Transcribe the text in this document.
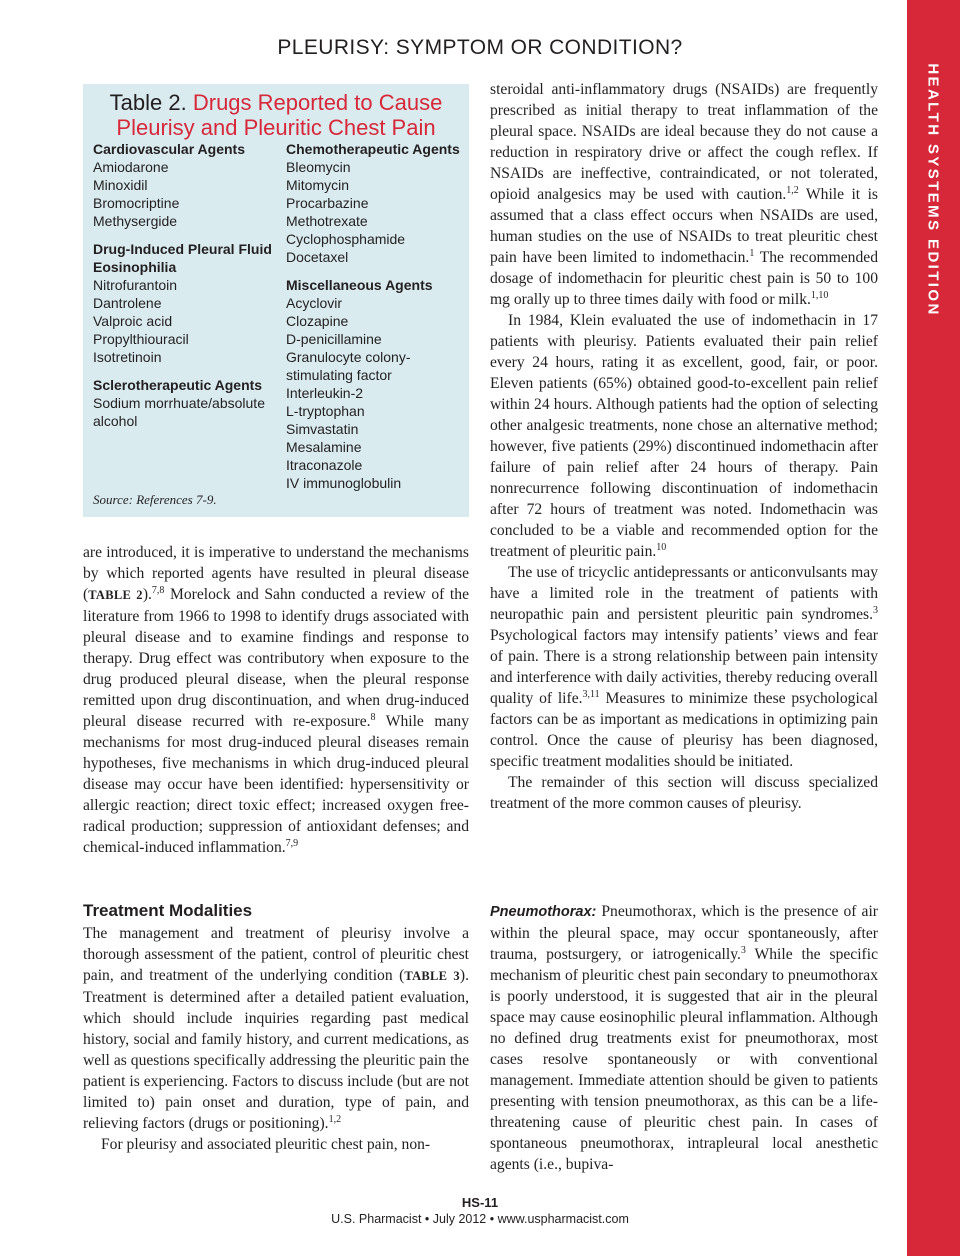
PLEURISY: SYMPTOM OR CONDITION?
HEALTH SYSTEMS EDITION
Table 2. Drugs Reported to Cause Pleurisy and Pleuritic Chest Pain
Cardiovascular Agents
Amiodarone
Minoxidil
Bromocriptine
Methysergide
Drug-Induced Pleural Fluid Eosinophilia
Nitrofurantoin
Dantrolene
Valproic acid
Propylthiouracil
Isotretinoin
Sclerotherapeutic Agents
Sodium morrhuate/absolute alcohol
Chemotherapeutic Agents
Bleomycin
Mitomycin
Procarbazine
Methotrexate
Cyclophosphamide
Docetaxel
Miscellaneous Agents
Acyclovir
Clozapine
D-penicillamine
Granulocyte colony-stimulating factor
Interleukin-2
L-tryptophan
Simvastatin
Mesalamine
Itraconazole
IV immunoglobulin
Source: References 7-9.

are introduced, it is imperative to understand the mechanisms by which reported agents have resulted in pleural disease (TABLE 2).$^{7,8}$ Morelock and Sahn conducted a review of the literature from 1966 to 1998 to identify drugs associated with pleural disease and to examine findings and response to therapy. Drug effect was contributory when exposure to the drug produced pleural disease, when the pleural response remitted upon drug discontinuation, and when drug-induced pleural disease recurred with re-exposure.$^8$ While many mechanisms for most drug-induced pleural diseases remain hypotheses, five mechanisms in which drug-induced pleural disease may occur have been identified: hypersensitivity or allergic reaction; direct toxic effect; increased oxygen free-radical production; suppression of antioxidant defenses; and chemical-induced inflammation.$^{7,9}$

Treatment Modalities

The management and treatment of pleurisy involve a thorough assessment of the patient, control of pleuritic chest pain, and treatment of the underlying condition (TABLE 3). Treatment is determined after a detailed patient evaluation, which should include inquiries regarding past medical history, social and family history, and current medications, as well as questions specifically addressing the pleuritic pain the patient is experiencing. Factors to discuss include (but are not limited to) pain onset and duration, type of pain, and relieving factors (drugs or positioning).$^{1,2}$

For pleurisy and associated pleuritic chest pain, non-

steroidal anti-inflammatory drugs (NSAIDs) are frequently prescribed as initial therapy to treat inflammation of the pleural space. NSAIDs are ideal because they do not cause a reduction in respiratory drive or affect the cough reflex. If NSAIDs are ineffective, contraindicated, or not tolerated, opioid analgesics may be used with caution.$^{1,2}$ While it is assumed that a class effect occurs when NSAIDs are used, human studies on the use of NSAIDs to treat pleuritic chest pain have been limited to indomethacin.$^1$ The recommended dosage of indomethacin for pleuritic chest pain is 50 to 100 mg orally up to three times daily with food or milk.$^{1,10}$

In 1984, Klein evaluated the use of indomethacin in 17 patients with pleurisy. Patients evaluated their pain relief every 24 hours, rating it as excellent, good, fair, or poor. Eleven patients (65%) obtained good-to-excellent pain relief within 24 hours. Although patients had the option of selecting other analgesic treatments, none chose an alternative method; however, five patients (29%) discontinued indomethacin after failure of pain relief after 24 hours of therapy. Pain nonrecurrence following discontinuation of indomethacin after 72 hours of treatment was noted. Indomethacin was concluded to be a viable and recommended option for the treatment of pleuritic pain.$^{10}$

The use of tricyclic antidepressants or anticonvulsants may have a limited role in the treatment of patients with neuropathic pain and persistent pleuritic pain syndromes.$^3$ Psychological factors may intensify patients’ views and fear of pain. There is a strong relationship between pain intensity and interference with daily activities, thereby reducing overall quality of life.$^{3,11}$ Measures to minimize these psychological factors can be as important as medications in optimizing pain control. Once the cause of pleurisy has been diagnosed, specific treatment modalities should be initiated.

The remainder of this section will discuss specialized treatment of the more common causes of pleurisy.

Pneumothorax: Pneumothorax, which is the presence of air within the pleural space, may occur spontaneously, after trauma, postsurgery, or iatrogenically.$^3$ While the specific mechanism of pleuritic chest pain secondary to pneumothorax is poorly understood, it is suggested that air in the pleural space may cause eosinophilic pleural inflammation. Although no defined drug treatments exist for pneumothorax, most cases resolve spontaneously or with conventional management. Immediate attention should be given to patients presenting with tension pneumothorax, as this can be a life-threatening cause of pleuritic chest pain. In cases of spontaneous pneumothorax, intrapleural local anesthetic agents (i.e., bupiva-

HS-11
U.S. Pharmacist • July 2012 • www.uspharmacist.com
